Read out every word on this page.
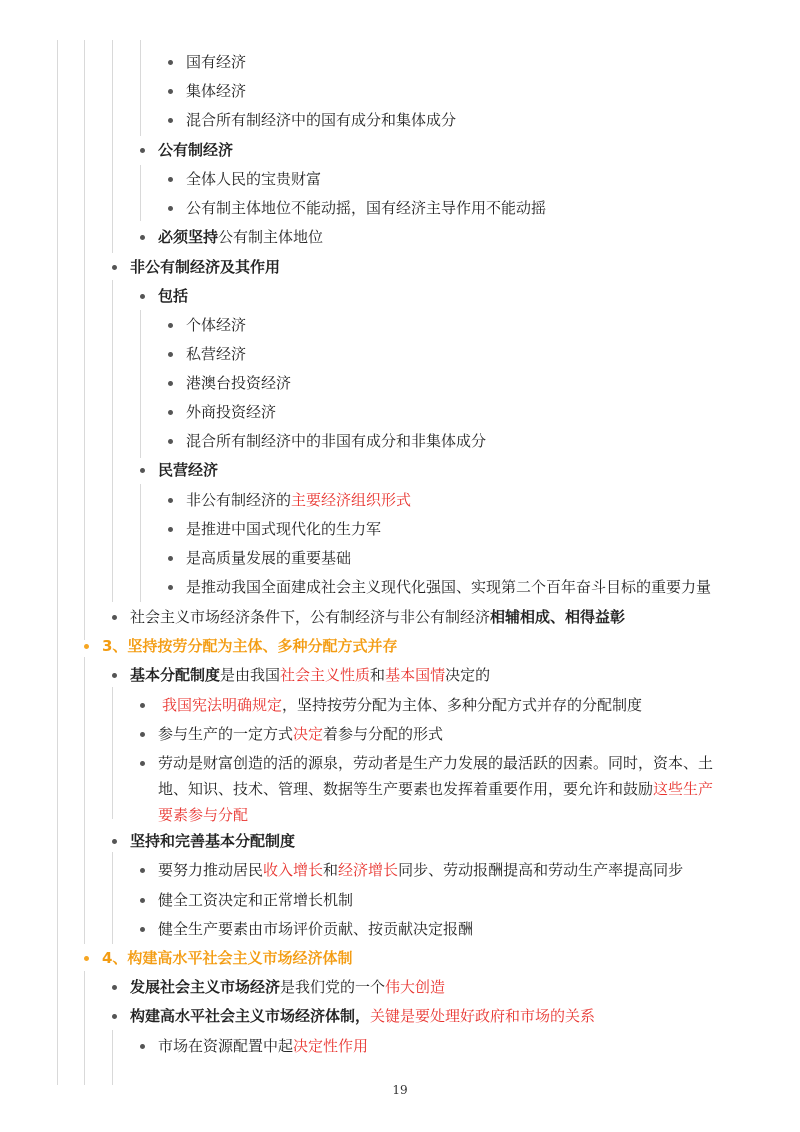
国有经济
集体经济
混合所有制经济中的国有成分和集体成分
公有制经济
全体人民的宝贵财富
公有制主体地位不能动摇，国有经济主导作用不能动摇
必须坚持公有制主体地位
非公有制经济及其作用
包括
个体经济
私营经济
港澳台投资经济
外商投资经济
混合所有制经济中的非国有成分和非集体成分
民营经济
非公有制经济的主要经济组织形式
是推进中国式现代化的生力军
是高质量发展的重要基础
是推动我国全面建成社会主义现代化强国、实现第二个百年奋斗目标的重要力量
社会主义市场经济条件下，公有制经济与非公有制经济相辅相成、相得益彰
3、坚持按劳分配为主体、多种分配方式并存
基本分配制度是由我国社会主义性质和基本国情决定的
我国宪法明确规定，坚持按劳分配为主体、多种分配方式并存的分配制度
参与生产的一定方式决定着参与分配的形式
劳动是财富创造的活的源泉，劳动者是生产力发展的最活跃的因素。同时，资本、土
地、知识、技术、管理、数据等生产要素也发挥着重要作用，要允许和鼓励这些生产
要素参与分配
坚持和完善基本分配制度
要努力推动居民收入增长和经济增长同步、劳动报酬提高和劳动生产率提高同步
健全工资决定和正常增长机制
健全生产要素由市场评价贡献、按贡献决定报酬
4、构建高水平社会主义市场经济体制
发展社会主义市场经济是我们党的一个伟大创造
构建高水平社会主义市场经济体制，关键是要处理好政府和市场的关系
市场在资源配置中起决定性作用
19
